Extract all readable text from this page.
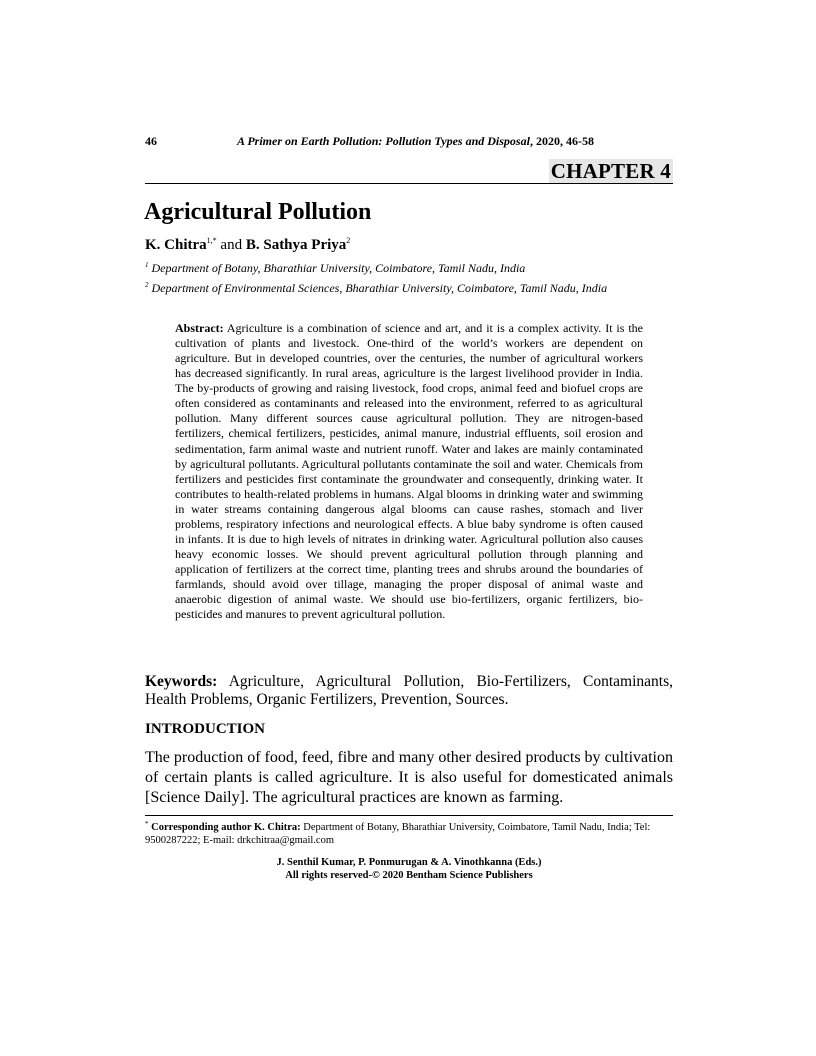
46	A Primer on Earth Pollution: Pollution Types and Disposal, 2020, 46-58
CHAPTER 4
Agricultural Pollution
K. Chitra$^{1,*}$ and B. Sathya Priya$^2$
$^1$ Department of Botany, Bharathiar University, Coimbatore, Tamil Nadu, India
$^2$ Department of Environmental Sciences, Bharathiar University, Coimbatore, Tamil Nadu, India

Abstract: Agriculture is a combination of science and art, and it is a complex activity. It is the cultivation of plants and livestock. One-third of the world’s workers are dependent on agriculture. But in developed countries, over the centuries, the number of agricultural workers has decreased significantly. In rural areas, agriculture is the largest livelihood provider in India. The by-products of growing and raising livestock, food crops, animal feed and biofuel crops are often considered as contaminants and released into the environment, referred to as agricultural pollution. Many different sources cause agricultural pollution. They are nitrogen-based fertilizers, chemical fertilizers, pesticides, animal manure, industrial effluents, soil erosion and sedimentation, farm animal waste and nutrient runoff. Water and lakes are mainly contaminated by agricultural pollutants. Agricultural pollutants contaminate the soil and water. Chemicals from fertilizers and pesticides first contaminate the groundwater and consequently, drinking water. It contributes to health-related problems in humans. Algal blooms in drinking water and swimming in water streams containing dangerous algal blooms can cause rashes, stomach and liver problems, respiratory infections and neurological effects. A blue baby syndrome is often caused in infants. It is due to high levels of nitrates in drinking water. Agricultural pollution also causes heavy economic losses. We should prevent agricultural pollution through planning and application of fertilizers at the correct time, planting trees and shrubs around the boundaries of farmlands, should avoid over tillage, managing the proper disposal of animal waste and anaerobic digestion of animal waste. We should use bio-fertilizers, organic fertilizers, bio-pesticides and manures to prevent agricultural pollution.

Keywords: Agriculture, Agricultural Pollution, Bio-Fertilizers, Contaminants, Health Problems, Organic Fertilizers, Prevention, Sources.

INTRODUCTION

The production of food, feed, fibre and many other desired products by cultivation of certain plants is called agriculture. It is also useful for domesticated animals [Science Daily]. The agricultural practices are known as farming.

* Corresponding author K. Chitra: Department of Botany, Bharathiar University, Coimbatore, Tamil Nadu, India; Tel: 9500287222; E-mail: drkchitraa@gmail.com

J. Senthil Kumar, P. Ponmurugan & A. Vinothkanna (Eds.)
All rights reserved-© 2020 Bentham Science Publishers
